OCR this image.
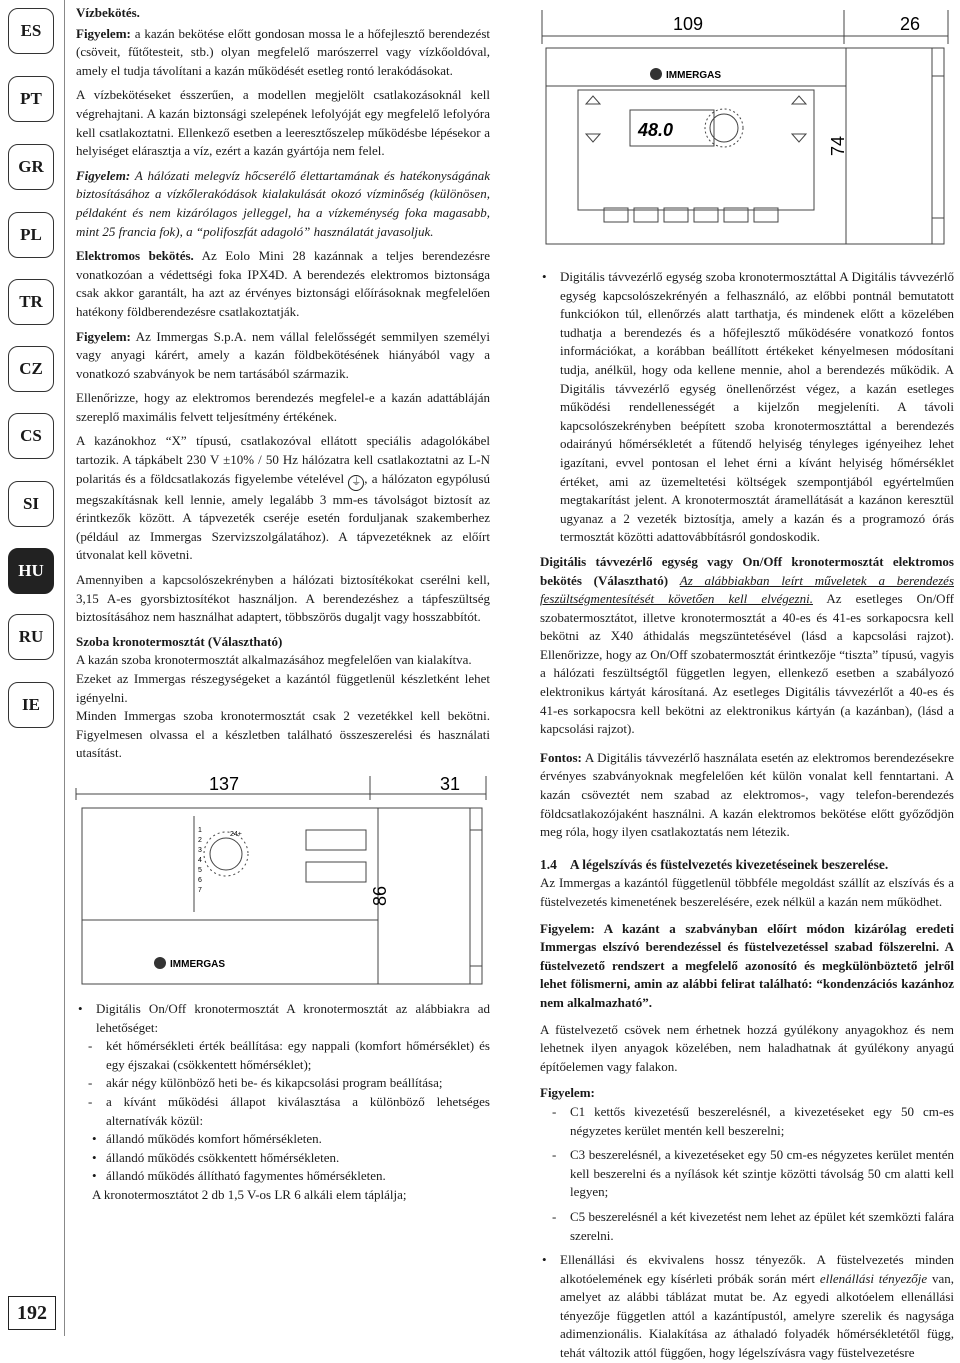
ES
PT
GR
PL
TR
CZ
CS
SI
HU
RU
IE
192

Vízbekötés.

Figyelem: a kazán bekötése előtt gondosan mossa le a hőfejlesztő berendezést (csöveit, fűtőtesteit, stb.) olyan megfelelő marószerrel vagy vízkőoldóval, amely el tudja távolítani a kazán működését esetleg rontó lerakódásokat.

A vízbekötéseket ésszerűen, a modellen megjelölt csatlakozásoknál kell végrehajtani. A kazán biztonsági szelepének lefolyóját egy megfelelő lefolyóra kell csatlakoztatni. Ellenkező esetben a leeresztőszelep működésbe lépésekor a helyiséget elárasztja a víz, ezért a kazán gyártója nem felel.

Figyelem: A hálózati melegvíz hőcserélő élettartamának és hatékonyságának biztosításához a vízkőlerakódások kialakulását okozó vízminőség (különösen, példaként és nem kizárólagos jelleggel, ha a vízkeménység foka magasabb, mint 25 francia fok), a “polifoszfát adagoló” használatát javasoljuk.

Elektromos bekötés. Az Eolo Mini 28 kazánnak a teljes berendezésre vonatkozóan a védettségi foka IPX4D. A berendezés elektromos biztonsága csak akkor garantált, ha azt az érvényes biztonsági előírásoknak megfelelően hatékony földberendezésre csatlakoztatják.

Figyelem: Az Immergas S.p.A. nem vállal felelősségét semmilyen személyi vagy anyagi kárért, amely a kazán földbekötésének hiányából vagy a vonatkozó szabványok be nem tartásából származik.

Ellenőrizze, hogy az elektromos berendezés megfelel-e a kazán adattábláján szereplő maximális felvett teljesítmény értékének.

A kazánokhoz “X” típusú, csatlakozóval ellátott speciális adagolókábel tartozik. A tápkábelt 230 V ±10% / 50 Hz hálózatra kell csatlakoztatni az L-N polaritás és a földcsatlakozás figyelembe vételével ⏚ , a hálózaton egypólusú megszakításnak kell lennie, amely legalább 3 mm-es távolságot biztosít az érintkezők között. A tápvezeték cseréje esetén forduljanak szakemberhez (például az Immergas Szervizszolgálatához). A tápvezetéknek az előírt útvonalat kell követni.

Amennyiben a kapcsolószekrényben a hálózati biztosítékokat cserélni kell, 3,15 A-es gyorsbiztosítékot használjon. A berendezéshez a tápfeszültség biztosításához nem használhat adaptert, többszörös dugaljt vagy hosszabbítót.

Szoba kronotermosztát (Választható)

A kazán szoba kronotermosztát alkalmazásához megfelelően van kialakítva.

Ezeket az Immergas részegységeket a kazántól függetlenül készletként lehet igényelni.

Minden Immergas szoba kronotermosztát csak 2 vezetékkel kell bekötni. Figyelmesen olvassa el a készletben található összeszerelési és használati utasítást.

137	31
86
1
2
3
4
5
6
7
24+
IMMERGAS
• Digitális On/Off kronotermosztát A kronotermosztát az alábbiakra ad lehetőséget:
- két hőmérsékleti érték beállítása: egy nappali (komfort hőmérséklet) és egy éjszakai (csökkentett hőmérséklet);
- akár négy különböző heti be- és kikapcsolási program beállítása;
- a kívánt működési állapot kiválasztása a különböző lehetséges alternatívák közül:
• állandó működés komfort hőmérsékleten.
• állandó működés csökkentett hőmérsékleten.
• állandó működés állítható fagymentes hőmérsékleten.
A kronotermosztátot 2 db 1,5 V-os LR 6 alkáli elem táplálja;
109	26
74
IMMERGAS
48.0
• Digitális távvezérlő egység szoba kronotermosztáttal A Digitális távvezérlő egység kapcsolószekrényén a felhasználó, az előbbi pontnál bemutatott funkciókon túl, ellenőrzés alatt tarthatja, és mindenek előtt a közelében tudhatja a berendezés és a hőfejlesztő működésére vonatkozó fontos információkat, a korábban beállított értékeket kényelmesen módosítani tudja, anélkül, hogy oda kellene mennie, ahol a berendezés működik. A Digitális távvezérlő egység önellenőrzést végez, a kazán esetleges működési rendellenességét a kijelzőn megjeleníti. A távoli kapcsolószekrényben beépített szoba kronotermosztáttal a berendezés odairányú hőmérsékletét a fűtendő helyiség tényleges igényeihez lehet igazítani, evvel pontosan el lehet érni a kívánt helyiség hőmérséklet értéket, ami az üzemeltetési költségek szempontjából egyértelműen megtakarítást jelent. A kronotermosztát áramellátását a kazánon keresztül ugyanaz a 2 vezeték biztosítja, amely a kazán és a programozó órás termosztát közötti adattovábbításról gondoskodik.

Digitális távvezérlő egység vagy On/Off kronotermosztát elektromos bekötés (Választható) Az alábbiakban leírt műveletek a berendezés feszültségmentesítését követően kell elvégezni. Az esetleges On/Off szobatermosztátot, illetve kronotermosztát a 40-es és 41-es sorkapocsra kell bekötni az X40 áthidalás megszüntetésével (lásd a kapcsolási rajzot). Ellenőrizze, hogy az On/Off szobatermosztát érintkezője “tiszta” típusú, vagyis a hálózati feszültségtől független legyen, ellenkező esetben a szabályozó elektronikus kártyát károsítaná. Az esetleges Digitális távvezérlőt a 40-es és 41-es sorkapocsra kell bekötni az elektronikus kártyán (a kazánban), (lásd a kapcsolási rajzot).

Fontos: A Digitális távvezérlő használata esetén az elektromos berendezésekre érvényes szabványoknak megfelelően két külön vonalat kell fenntartani. A kazán csöveztét nem szabad az elektromos-, vagy telefon-berendezés földcsatlakozójaként használni. A kazán elektromos bekötése előtt győződjön meg róla, hogy ilyen csatlakoztatás nem létezik.

1.4 A légelszívás és füstelvezetés kivezetéseinek beszerelése.

Az Immergas a kazántól függetlenül többféle megoldást szállít az elszívás és a füstelvezetés kimenetének beszerelésére, ezek nélkül a kazán nem működhet.

Figyelem: A kazánt a szabványban előírt módon kizárólag eredeti Immergas elszívó berendezéssel és füstelvezetéssel szabad fölszerelni. A füstelvezető rendszert a megfelelő azonosító és megkülönböztető jelről lehet fölismerni, amin az alábbi felirat található: “kondenzációs kazánhoz nem alkalmazható”.

A füstelvezető csövek nem érhetnek hozzá gyúlékony anyagokhoz és nem lehetnek ilyen anyagok közelében, nem haladhatnak át gyúlékony anyagú építőelemen vagy falakon.

Figyelem:

- C1 kettős kivezetésű beszerelésnél, a kivezetéseket egy 50 cm-es négyzetes kerület mentén kell beszerelni;
- C3 beszerelésnél, a kivezetéseket egy 50 cm-es négyzetes kerület mentén kell beszerelni és a nyílások két szintje közötti távolság 50 cm alatti kell legyen;
- C5 beszerelésnél a két kivezetést nem lehet az épület két szemközti falára szerelni.
• Ellenállási és ekvivalens hossz tényezők. A füstelvezetés minden alkotóelemének egy kísérleti próbák során mért ellenállási tényezője van, amelyet az alábbi táblázat mutat be. Az egyedi alkotóelem ellenállási tényezője független attól a kazántípustól, amelyre szerelik és nagysága adimenzionális. Kialakítása az áthaladó folyadék hőmérsékletétől függ, tehát változik attól függően, hogy légelszívásra vagy füstelvezetésre
